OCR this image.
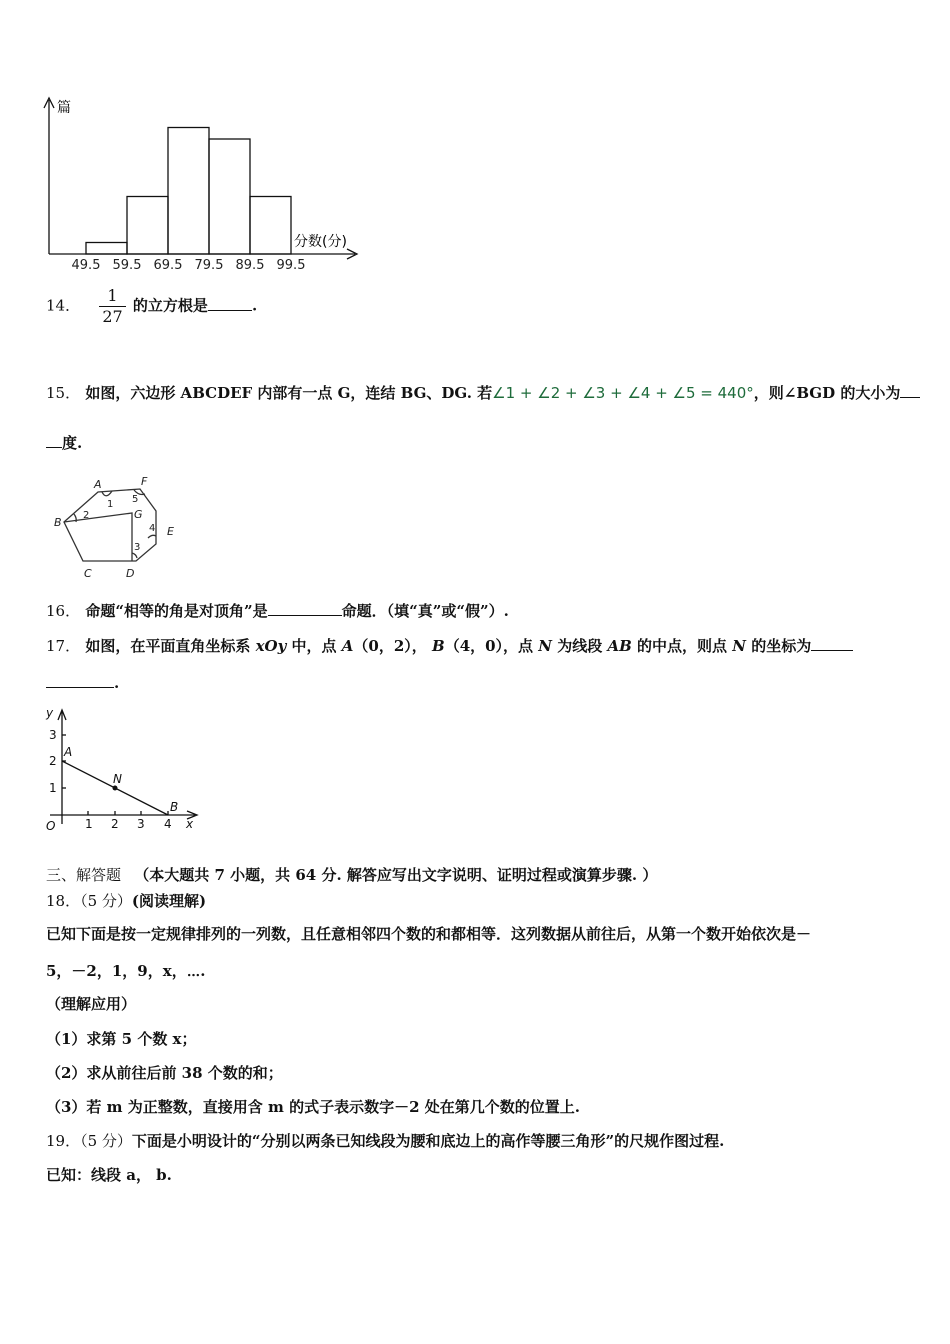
49.5 59.5 69.5 79.5 89.5 99.5
篇
分数(分)
14． $\frac{1}{27}$ 的立方根是	.
15． 如图，六边形 ABCDEF 内部有一点 G，连结 BG、DG. 若∠1 + ∠2 + ∠3 + ∠4 + ∠5 = 440°，则∠BGD 的大小为
度.
A	F
B
E
C	D
G
1
2
3
4
5
16． 命题“相等的角是对顶角”是	命题．（填“真”或“假”）.
17． 如图，在平面直角坐标系 xOy 中，点 A（0，2）， B（4，0），点 N 为线段 AB 的中点，则点 N 的坐标为
.
y
x
O
A
B
N
1
2
3
1 2 3 4
三、解答题 （本大题共 7 小题，共 64 分. 解答应写出文字说明、证明过程或演算步骤. ）
18．（5 分）(阅读理解)
已知下面是按一定规律排列的一列数，且任意相邻四个数的和都相等．这列数据从前往后，从第一个数开始依次是－
5，－2，1，9，x，⋯.
（理解应用）
（1）求第 5 个数 x；
（2）求从前往后前 38 个数的和；
（3）若 m 为正整数，直接用含 m 的式子表示数字－2 处在第几个数的位置上.
19．（5 分）下面是小明设计的“分别以两条已知线段为腰和底边上的高作等腰三角形”的尺规作图过程.
已知：线段 a， b.
